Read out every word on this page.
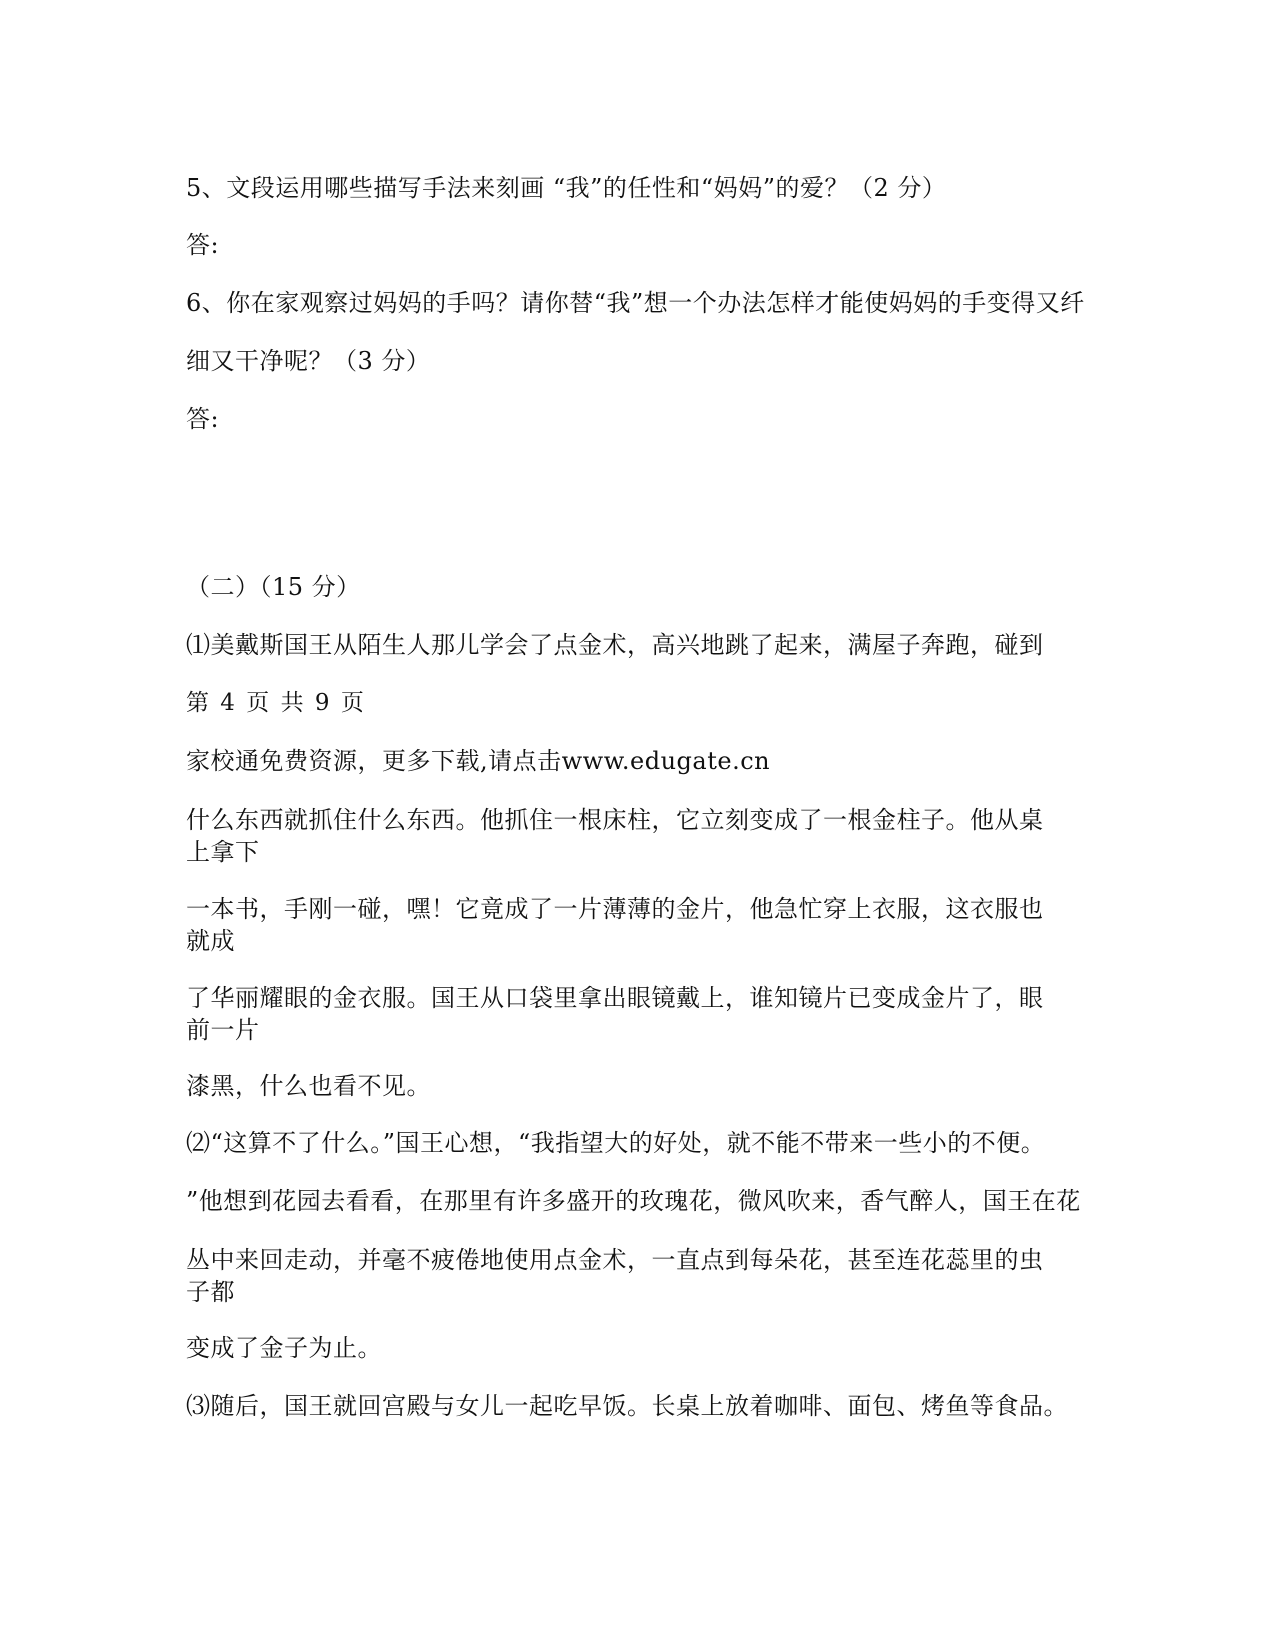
5、文段运用哪些描写手法来刻画 “我”的任性和“妈妈”的爱？（2 分）
答:
6、你在家观察过妈妈的手吗？请你替“我”想一个办法怎样才能使妈妈的手变得又纤
细又干净呢？（3 分）
答:
（二）（15 分）
⑴美戴斯国王从陌生人那儿学会了点金术，高兴地跳了起来，满屋子奔跑，碰到
第 4 页 共 9 页
家校通免费资源，更多下载,请点击www.edugate.cn
什么东西就抓住什么东西。他抓住一根床柱，它立刻变成了一根金柱子。他从桌上拿下
一本书，手刚一碰，嘿！它竟成了一片薄薄的金片，他急忙穿上衣服，这衣服也就成
了华丽耀眼的金衣服。国王从口袋里拿出眼镜戴上，谁知镜片已变成金片了，眼前一片
漆黑，什么也看不见。
⑵“这算不了什么。”国王心想，“我指望大的好处，就不能不带来一些小的不便。
”他想到花园去看看，在那里有许多盛开的玫瑰花，微风吹来，香气醉人，国王在花
丛中来回走动，并毫不疲倦地使用点金术，一直点到每朵花，甚至连花蕊里的虫子都
变成了金子为止。
⑶随后，国王就回宫殿与女儿一起吃早饭。长桌上放着咖啡、面包、烤鱼等食品。
